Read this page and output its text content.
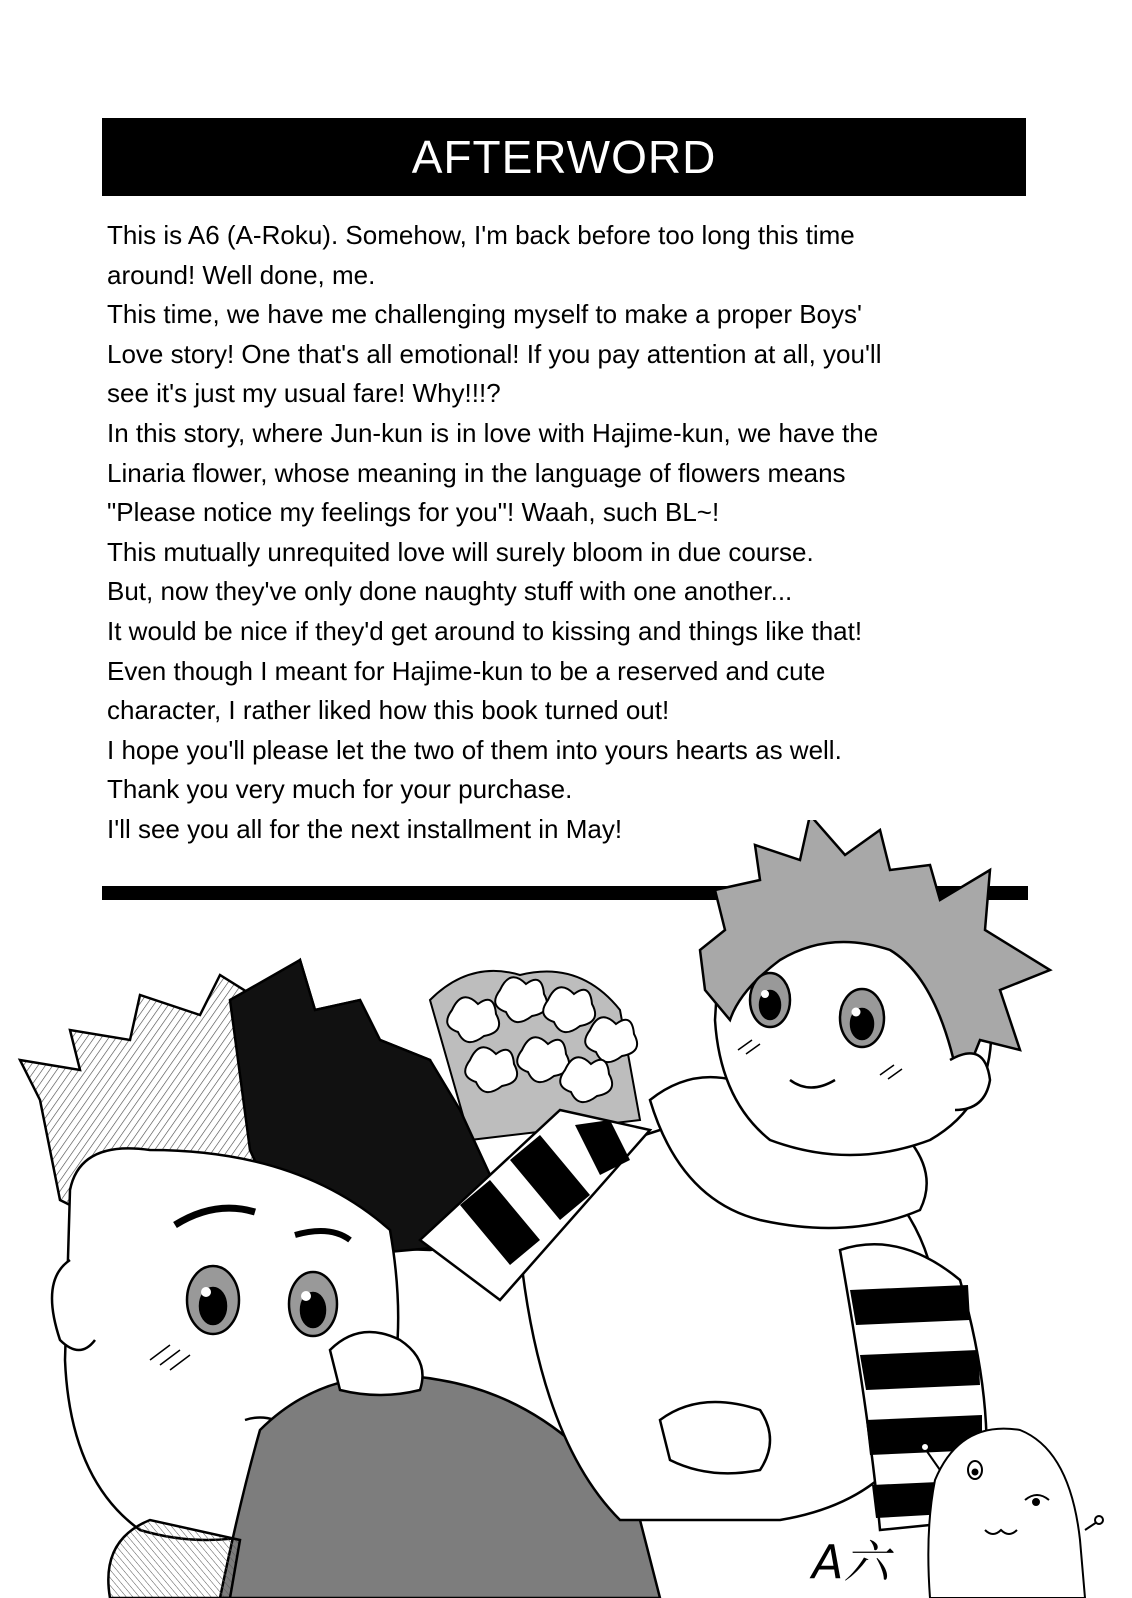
AFTERWORD
This is A6 (A-Roku). Somehow, I'm back before too long this time
around! Well done, me.
This time, we have me challenging myself to make a proper Boys'
Love story! One that's all emotional! If you pay attention at all, you'll
see it's just my usual fare! Why!!!?
In this story, where Jun-kun is in love with Hajime-kun, we have the
Linaria flower, whose meaning in the language of flowers means
"Please notice my feelings for you"! Waah, such BL~!
This mutually unrequited love will surely bloom in due course.
But, now they've only done naughty stuff with one another...
It would be nice if they'd get around to kissing and things like that!
Even though I meant for Hajime-kun to be a reserved and cute
character, I rather liked how this book turned out!
I hope you'll please let the two of them into yours hearts as well.
Thank you very much for your purchase.
I'll see you all for the next installment in May!
A六
